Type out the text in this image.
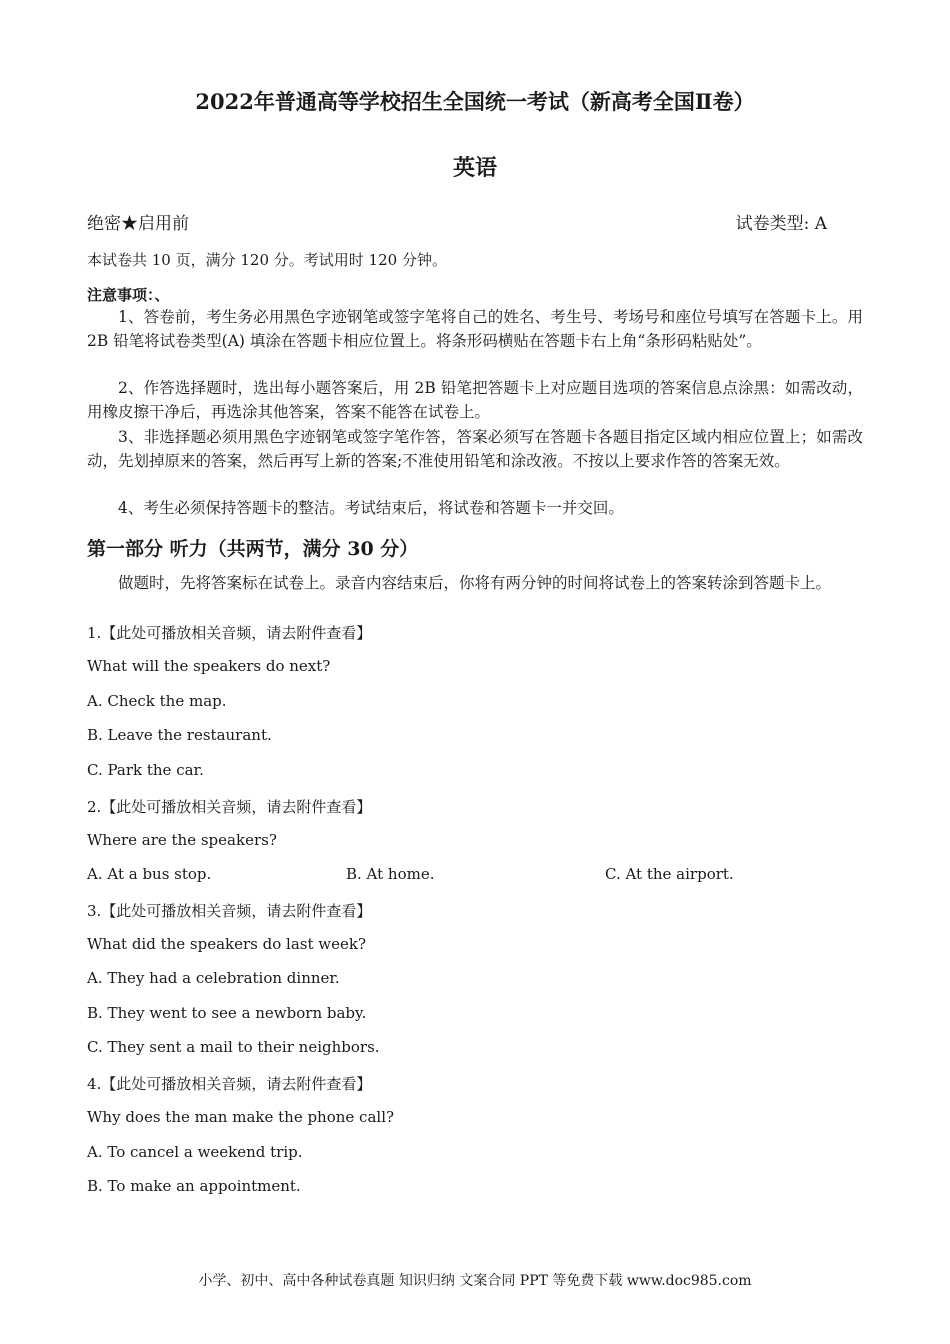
2022年普通高等学校招生全国统一考试（新高考全国Ⅱ卷）
英语
绝密★启用前	试卷类型: A
本试卷共 10 页，满分 120 分。考试用时 120 分钟。
注意事项：、
1、答卷前，考生务必用黑色字迹钢笔或签字笔将自己的姓名、考生号、考场号和座位号填写在答题卡上。用 2B 铅笔将试卷类型(A) 填涂在答题卡相应位置上。将条形码横贴在答题卡右上角“条形码粘贴处”。
2、作答选择题时，选出每小题答案后，用 2B 铅笔把答题卡上对应题目选项的答案信息点涂黑：如需改动，用橡皮擦干净后，再选涂其他答案，答案不能答在试卷上。
3、非选择题必须用黑色字迹钢笔或签字笔作答，答案必须写在答题卡各题目指定区域内相应位置上；如需改动，先划掉原来的答案，然后再写上新的答案;不准使用铅笔和涂改液。不按以上要求作答的答案无效。
4、考生必须保持答题卡的整洁。考试结束后，将试卷和答题卡一并交回。
第一部分 听力（共两节，满分 30 分）
做题时，先将答案标在试卷上。录音内容结束后，你将有两分钟的时间将试卷上的答案转涂到答题卡上。
1.【此处可播放相关音频，请去附件查看】
What will the speakers do next?
A. Check the map.
B. Leave the restaurant.
C. Park the car.
2.【此处可播放相关音频，请去附件查看】
Where are the speakers?
A. At a bus stop.	B. At home.	C. At the airport.
3.【此处可播放相关音频，请去附件查看】
What did the speakers do last week?
A. They had a celebration dinner.
B. They went to see a newborn baby.
C. They sent a mail to their neighbors.
4.【此处可播放相关音频，请去附件查看】
Why does the man make the phone call?
A. To cancel a weekend trip.
B. To make an appointment.
小学、初中、高中各种试卷真题 知识归纳 文案合同 PPT 等免费下载 www.doc985.com
